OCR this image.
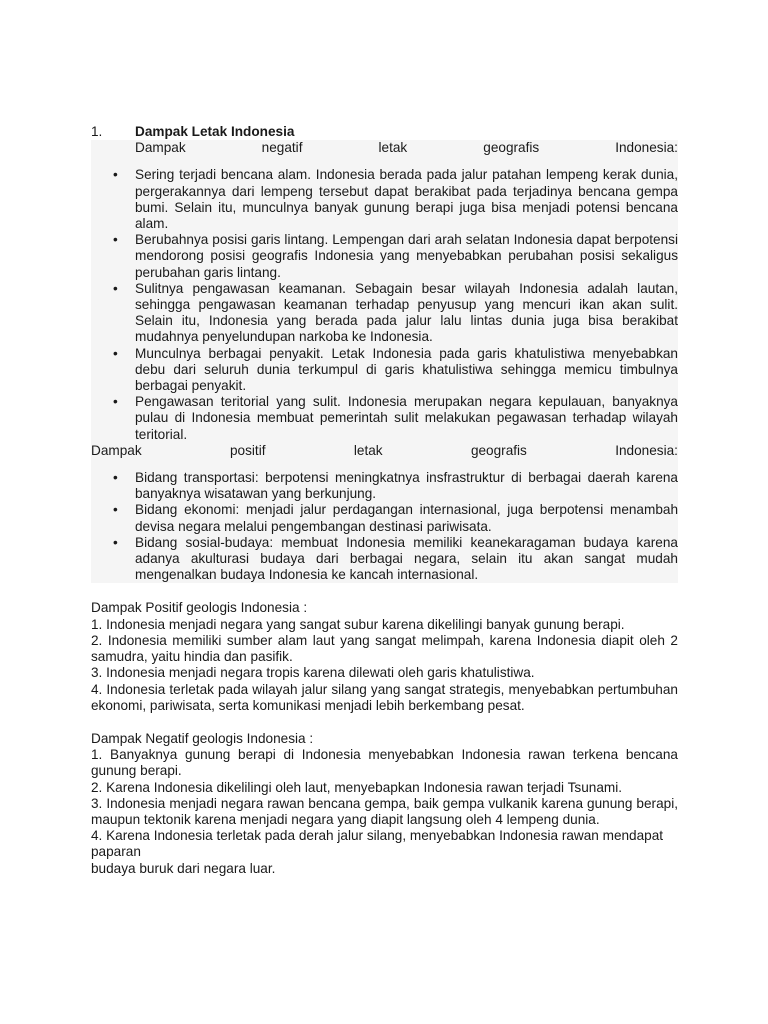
1.	Dampak Letak Indonesia
Dampak	negatif	letak	geografis	Indonesia:
• Sering terjadi bencana alam. Indonesia berada pada jalur patahan lempeng kerak dunia, pergerakannya dari lempeng tersebut dapat berakibat pada terjadinya bencana gempa bumi. Selain itu, munculnya banyak gunung berapi juga bisa menjadi potensi bencana alam.
• Berubahnya posisi garis lintang. Lempengan dari arah selatan Indonesia dapat berpotensi mendorong posisi geografis Indonesia yang menyebabkan perubahan posisi sekaligus perubahan garis lintang.
• Sulitnya pengawasan keamanan. Sebagain besar wilayah Indonesia adalah lautan, sehingga pengawasan keamanan terhadap penyusup yang mencuri ikan akan sulit. Selain itu, Indonesia yang berada pada jalur lalu lintas dunia juga bisa berakibat mudahnya penyelundupan narkoba ke Indonesia.
• Munculnya berbagai penyakit. Letak Indonesia pada garis khatulistiwa menyebabkan debu dari seluruh dunia terkumpul di garis khatulistiwa sehingga memicu timbulnya berbagai penyakit.
• Pengawasan teritorial yang sulit. Indonesia merupakan negara kepulauan, banyaknya pulau di Indonesia membuat pemerintah sulit melakukan pegawasan terhadap wilayah teritorial.
Dampak	positif	letak	geografis	Indonesia:
• Bidang transportasi: berpotensi meningkatnya insfrastruktur di berbagai daerah karena banyaknya wisatawan yang berkunjung.
• Bidang ekonomi: menjadi jalur perdagangan internasional, juga berpotensi menambah devisa negara melalui pengembangan destinasi pariwisata.
• Bidang sosial-budaya: membuat Indonesia memiliki keanekaragaman budaya karena adanya akulturasi budaya dari berbagai negara, selain itu akan sangat mudah mengenalkan budaya Indonesia ke kancah internasional.

Dampak Positif geologis Indonesia :

1. Indonesia menjadi negara yang sangat subur karena dikelilingi banyak gunung berapi.

2. Indonesia memiliki sumber alam laut yang sangat melimpah, karena Indonesia diapit oleh 2 samudra, yaitu hindia dan pasifik.

3. Indonesia menjadi negara tropis karena dilewati oleh garis khatulistiwa.

4. Indonesia terletak pada wilayah jalur silang yang sangat strategis, menyebabkan pertumbuhan ekonomi, pariwisata, serta komunikasi menjadi lebih berkembang pesat.

Dampak Negatif geologis Indonesia :

1. Banyaknya gunung berapi di Indonesia menyebabkan Indonesia rawan terkena bencana gunung berapi.

2. Karena Indonesia dikelilingi oleh laut, menyebapkan Indonesia rawan terjadi Tsunami.

3. Indonesia menjadi negara rawan bencana gempa, baik gempa vulkanik karena gunung berapi, maupun tektonik karena menjadi negara yang diapit langsung oleh 4 lempeng dunia.

4. Karena Indonesia terletak pada derah jalur silang, menyebabkan Indonesia rawan mendapat

paparan

budaya buruk dari negara luar.
